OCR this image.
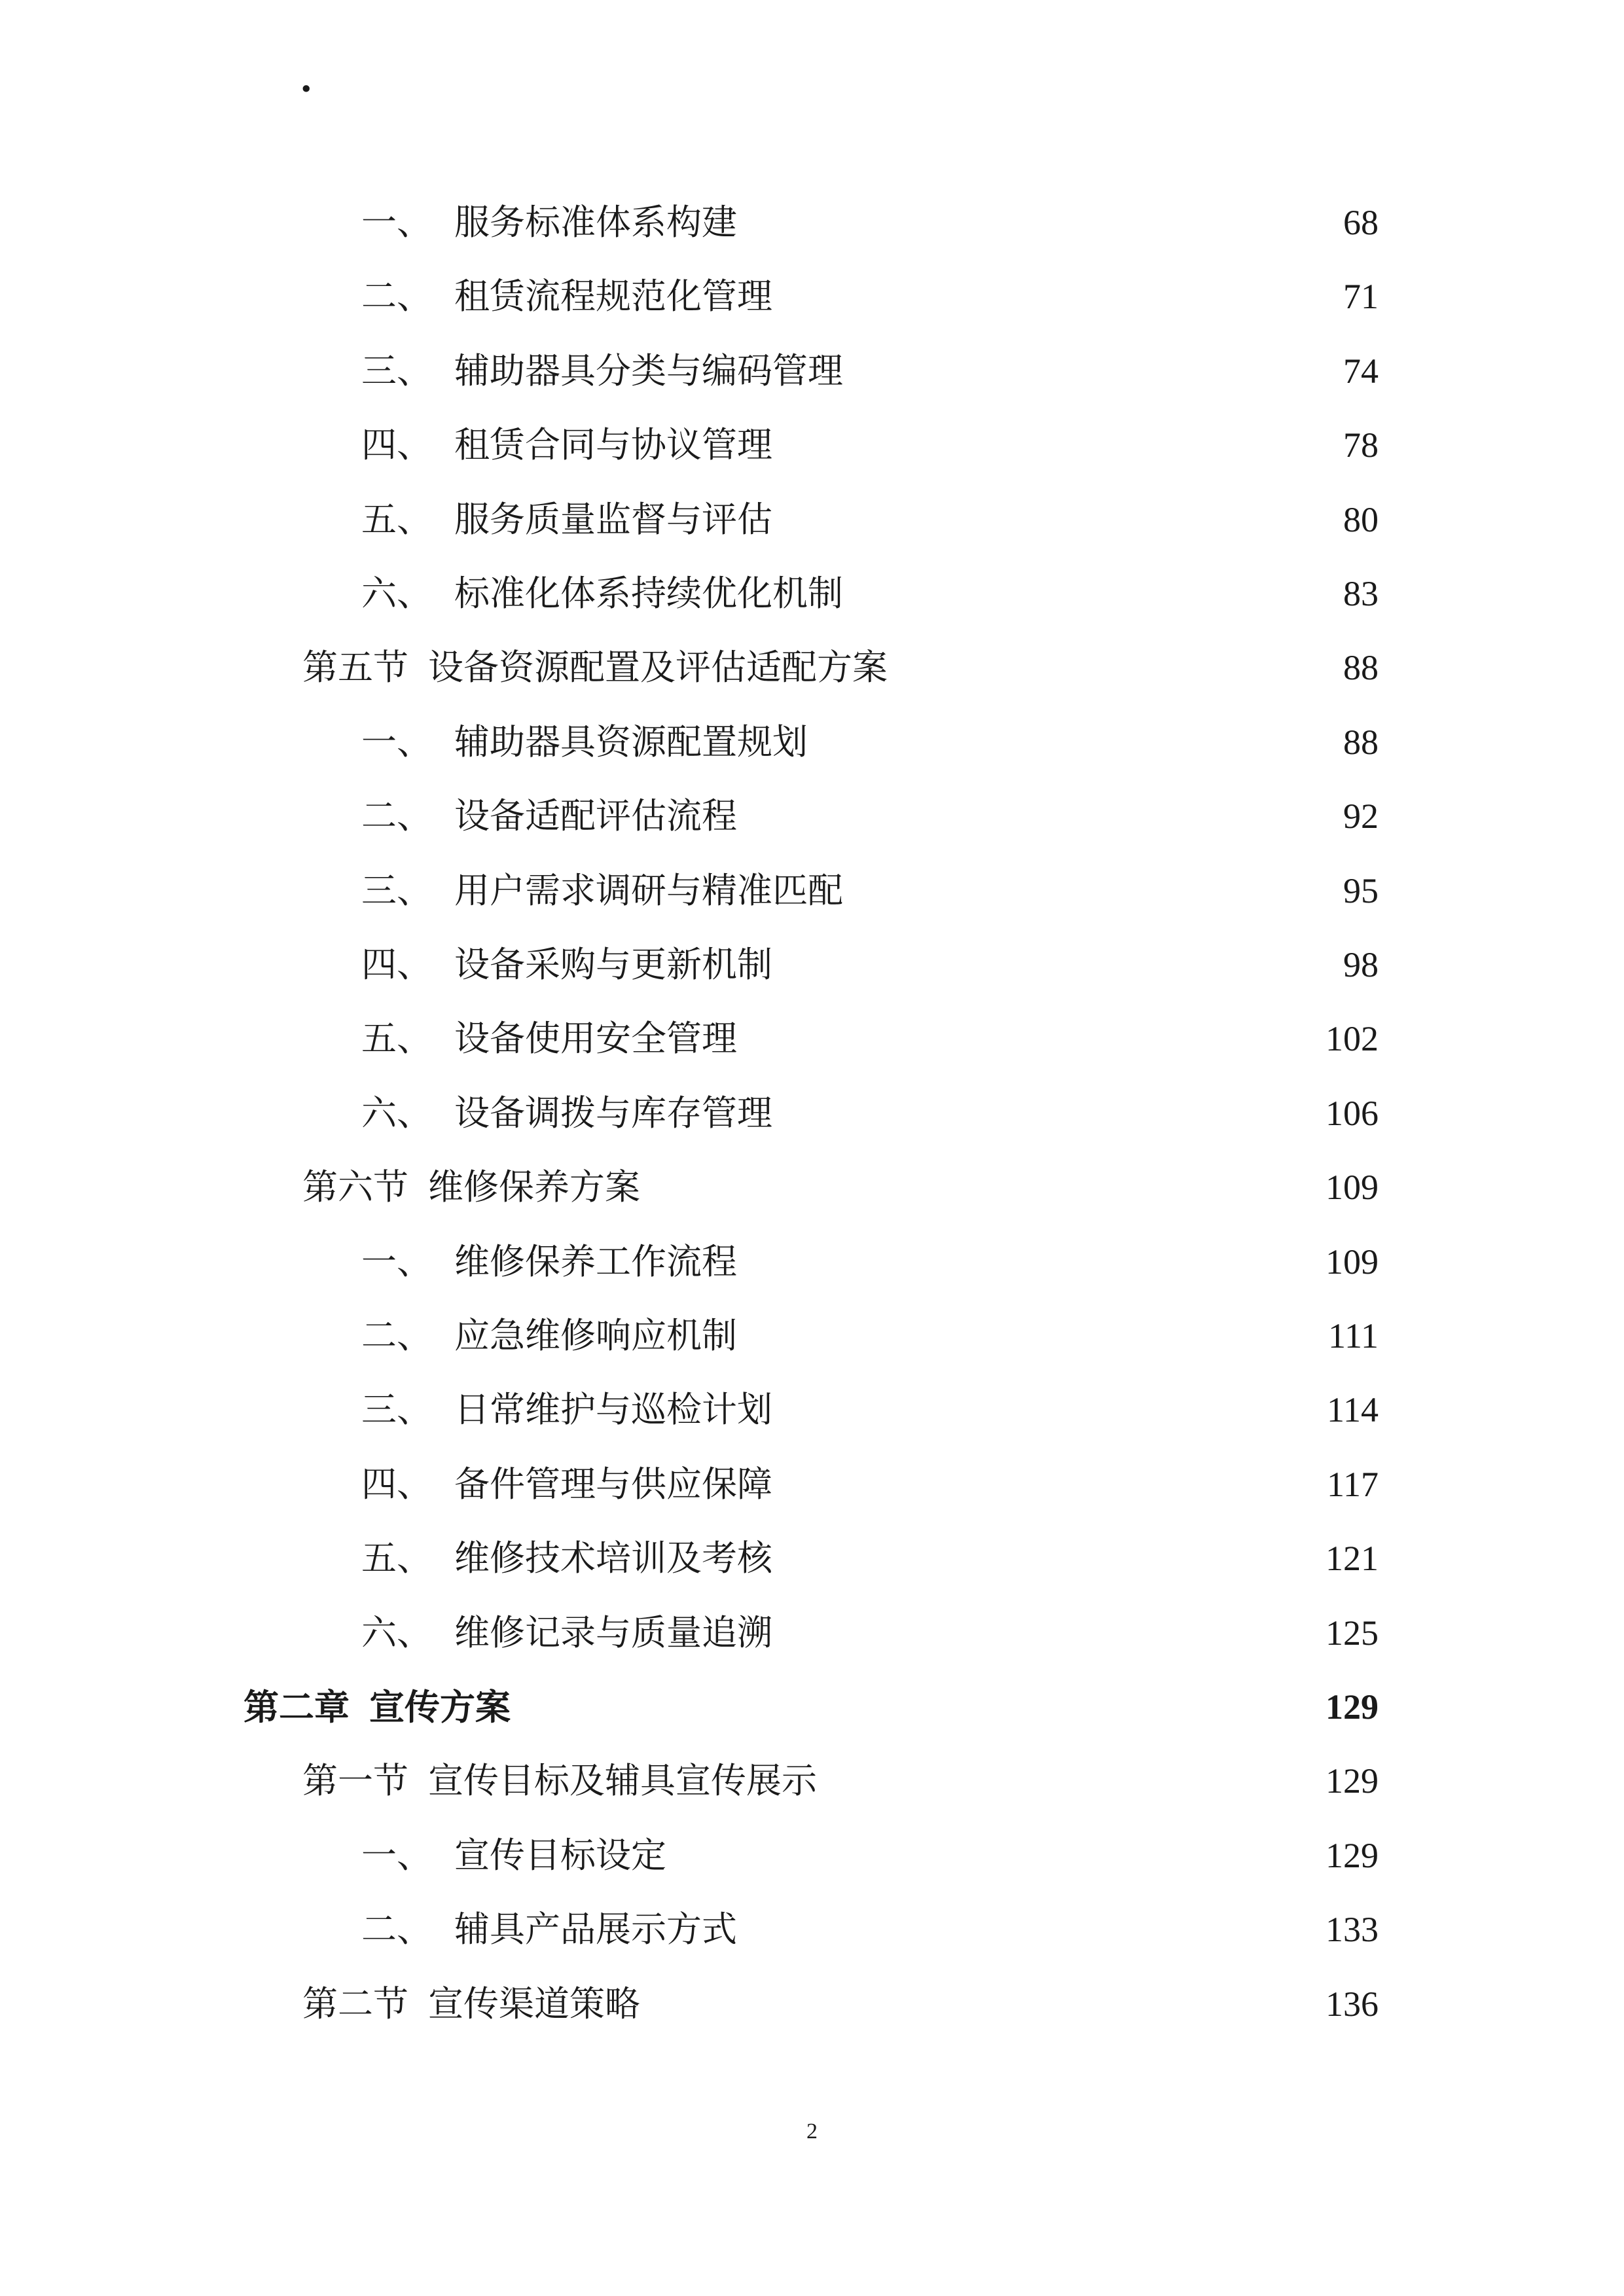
·
一、 服务标准体系构建	68
二、 租赁流程规范化管理	71
三、 辅助器具分类与编码管理	74
四、 租赁合同与协议管理	78
五、 服务质量监督与评估	80
六、 标准化体系持续优化机制	83
第五节 设备资源配置及评估适配方案	88
一、 辅助器具资源配置规划	88
二、 设备适配评估流程	92
三、 用户需求调研与精准匹配	95
四、 设备采购与更新机制	98
五、 设备使用安全管理	102
六、 设备调拨与库存管理	106
第六节 维修保养方案	109
一、 维修保养工作流程	109
二、 应急维修响应机制	111
三、 日常维护与巡检计划	114
四、 备件管理与供应保障	117
五、 维修技术培训及考核	121
六、 维修记录与质量追溯	125
第二章 宣传方案	129
第一节 宣传目标及辅具宣传展示	129
一、 宣传目标设定	129
二、 辅具产品展示方式	133
第二节 宣传渠道策略	136
2
